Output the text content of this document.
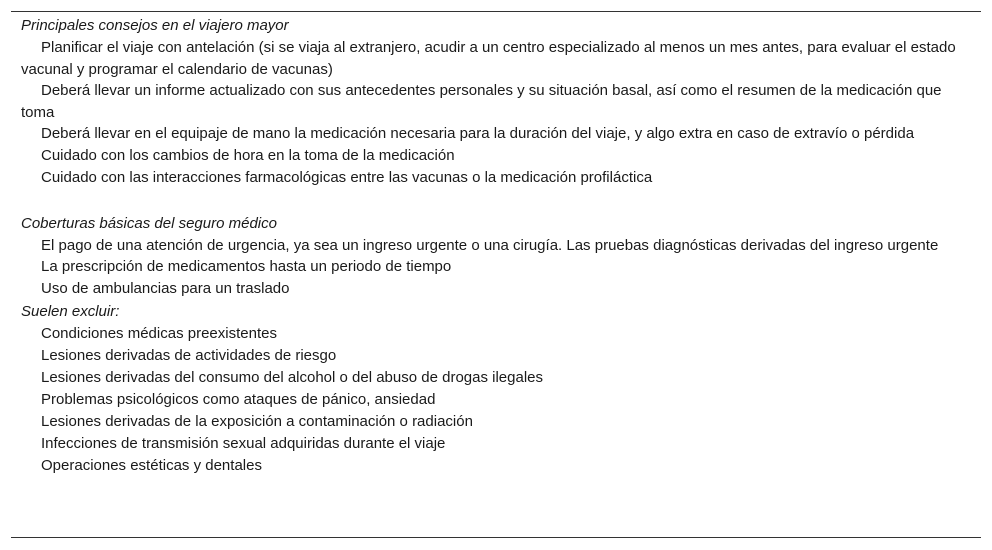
Principales consejos en el viajero mayor

Planificar el viaje con antelación (si se viaja al extranjero, acudir a un centro especializado al menos un mes antes, para evaluar el estado vacunal y programar el calendario de vacunas)

Deberá llevar un informe actualizado con sus antecedentes personales y su situación basal, así como el resumen de la medicación que toma

Deberá llevar en el equipaje de mano la medicación necesaria para la duración del viaje, y algo extra en caso de extravío o pérdida

Cuidado con los cambios de hora en la toma de la medicación

Cuidado con las interacciones farmacológicas entre las vacunas o la medicación profiláctica

Coberturas básicas del seguro médico

El pago de una atención de urgencia, ya sea un ingreso urgente o una cirugía. Las pruebas diagnósticas derivadas del ingreso urgente

La prescripción de medicamentos hasta un periodo de tiempo

Uso de ambulancias para un traslado

Suelen excluir:

Condiciones médicas preexistentes

Lesiones derivadas de actividades de riesgo

Lesiones derivadas del consumo del alcohol o del abuso de drogas ilegales

Problemas psicológicos como ataques de pánico, ansiedad

Lesiones derivadas de la exposición a contaminación o radiación

Infecciones de transmisión sexual adquiridas durante el viaje

Operaciones estéticas y dentales
